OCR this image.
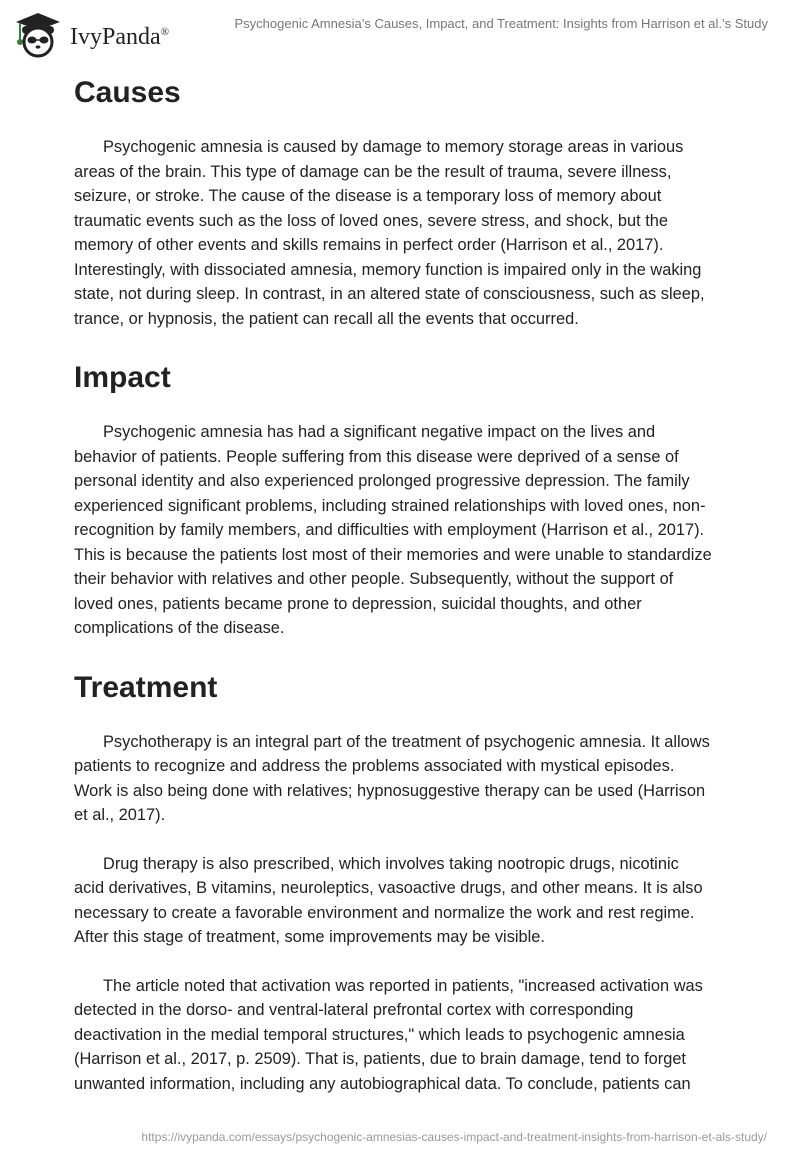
IvyPanda®
Psychogenic Amnesia’s Causes, Impact, and Treatment: Insights from Harrison et al.’s Study
Causes

Psychogenic amnesia is caused by damage to memory storage areas in various
areas of the brain. This type of damage can be the result of trauma, severe illness,
seizure, or stroke. The cause of the disease is a temporary loss of memory about
traumatic events such as the loss of loved ones, severe stress, and shock, but the
memory of other events and skills remains in perfect order (Harrison et al., 2017).
Interestingly, with dissociated amnesia, memory function is impaired only in the waking
state, not during sleep. In contrast, in an altered state of consciousness, such as sleep,
trance, or hypnosis, the patient can recall all the events that occurred.

Impact

Psychogenic amnesia has had a significant negative impact on the lives and
behavior of patients. People suffering from this disease were deprived of a sense of
personal identity and also experienced prolonged progressive depression. The family
experienced significant problems, including strained relationships with loved ones, non-
recognition by family members, and difficulties with employment (Harrison et al., 2017).
This is because the patients lost most of their memories and were unable to standardize
their behavior with relatives and other people. Subsequently, without the support of
loved ones, patients became prone to depression, suicidal thoughts, and other
complications of the disease.

Treatment

Psychotherapy is an integral part of the treatment of psychogenic amnesia. It allows
patients to recognize and address the problems associated with mystical episodes.
Work is also being done with relatives; hypnosuggestive therapy can be used (Harrison
et al., 2017).

Drug therapy is also prescribed, which involves taking nootropic drugs, nicotinic
acid derivatives, B vitamins, neuroleptics, vasoactive drugs, and other means. It is also
necessary to create a favorable environment and normalize the work and rest regime.
After this stage of treatment, some improvements may be visible.

The article noted that activation was reported in patients, "increased activation was
detected in the dorso- and ventral-lateral prefrontal cortex with corresponding
deactivation in the medial temporal structures," which leads to psychogenic amnesia
(Harrison et al., 2017, p. 2509). That is, patients, due to brain damage, tend to forget
unwanted information, including any autobiographical data. To conclude, patients can

https://ivypanda.com/essays/psychogenic-amnesias-causes-impact-and-treatment-insights-from-harrison-et-als-study/
